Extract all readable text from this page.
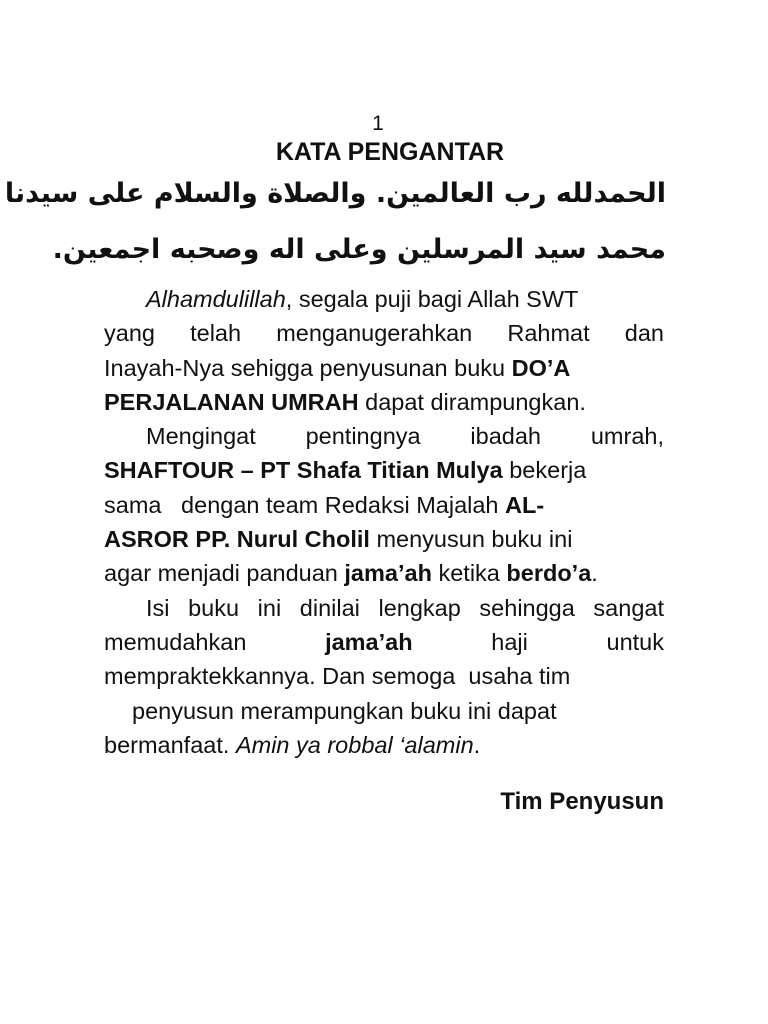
1
KATA PENGANTAR
الحمدلله رب العالمين. والصلاة والسلام على سيدنا
محمد سيد المرسلين وعلى اله وصحبه اجمعين.
Alhamdulillah, segala puji bagi Allah SWT
yang telah menganugerahkan Rahmat dan
Inayah-Nya sehigga penyusunan buku DO’A
PERJALANAN UMRAH dapat dirampungkan.
Mengingat pentingnya ibadah umrah,
SHAFTOUR – PT Shafa Titian Mulya bekerja
sama   dengan team Redaksi Majalah AL-
ASROR PP. Nurul Cholil menyusun buku ini
agar menjadi panduan jama’ah ketika berdo’a.
Isi buku ini dinilai lengkap sehingga sangat
memudahkan jama’ah haji untuk
mempraktekkannya. Dan semoga  usaha tim
penyusun merampungkan buku ini dapat
bermanfaat. Amin ya robbal ‘alamin.
Tim Penyusun
